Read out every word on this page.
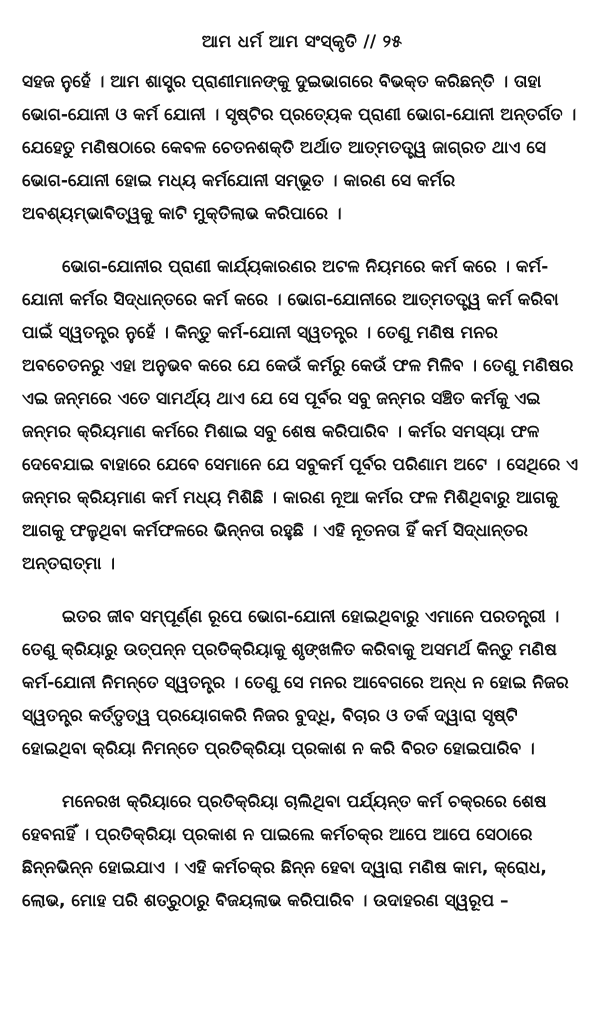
ଆମ ଧର୍ମ ଆମ ସଂସ୍କୃତି // ୨୫

ସହଜ ନୁହେଁ । ଆମ ଶାସ୍ତ୍ର ପ୍ରାଣୀମାନଙ୍କୁ ଦୁଇଭାଗରେ ବିଭକ୍ତ କରିଛନ୍ତି । ତାହା ଭୋଗ-ଯୋନୀ ଓ କର୍ମ ଯୋନୀ । ସୃଷ୍ଟିର ପ୍ରତ୍ୟେକ ପ୍ରାଣୀ ଭୋଗ-ଯୋନୀ ଅନ୍ତର୍ଗତ । ଯେହେତୁ ମଣିଷଠାରେ କେବଳ ଚେତନଶକ୍ତି ଅର୍ଥାତ ଆତ୍ମତତ୍ତ୍ୱ ଜାଗ୍ରତ ଥାଏ ସେ ଭୋଗ-ଯୋନୀ ହୋଇ ମଧ୍ୟ କର୍ମଯୋନୀ ସମ୍ଭୂତ । କାରଣ ସେ କର୍ମର ଅବଶ୍ୟମ୍ଭାବିତ୍ୱକୁ କାଟି ମୁକ୍ତିଲାଭ କରିପାରେ ।

ଭୋଗ-ଯୋନୀର ପ୍ରାଣୀ କାର୍ଯ୍ୟକାରଣର ଅଟଳ ନିୟମରେ କର୍ମ କରେ । କର୍ମ-ଯୋନୀ କର୍ମର ସିଦ୍ଧାନ୍ତରେ କର୍ମ କରେ । ଭୋଗ-ଯୋନୀରେ ଆତ୍ମତତ୍ତ୍ୱ କର୍ମ କରିବା ପାଇଁ ସ୍ୱତନ୍ତ୍ର ନୁହେଁ । କିନ୍ତୁ କର୍ମ-ଯୋନୀ ସ୍ୱତନ୍ତ୍ର । ତେଣୁ ମଣିଷ ମନର ଅବଚେତନରୁ ଏହା ଅନୁଭବ କରେ ଯେ କେଉଁ କର୍ମରୁ କେଉଁ ଫଳ ମିଳିବ । ତେଣୁ ମଣିଷର ଏଇ ଜନ୍ମରେ ଏତେ ସାମର୍ଥ୍ୟ ଥାଏ ଯେ ସେ ପୂର୍ବର ସବୁ ଜନ୍ମର ସଞ୍ଚିତ କର୍ମକୁ ଏଇ ଜନ୍ମର କ୍ରିୟମାଣ କର୍ମରେ ମିଶାଇ ସବୁ ଶେଷ କରିପାରିବ । କର୍ମର ସମସ୍ୟା ଫଳ ଦେବେଯାଇ ବାହାରେ ଯେବେ ସେମାନେ ଯେ ସବୁକର୍ମ ପୂର୍ବର ପରିଣାମ ଅଟେ । ସେଥିରେ ଏ ଜନ୍ମର କ୍ରିୟମାଣ କର୍ମ ମଧ୍ୟ ମିଶିଛି । କାରଣ ନୂଆ କର୍ମର ଫଳ ମିଶିଥିବାରୁ ଆଗକୁ ଆଗକୁ ଫଳୁଥିବା କର୍ମଫଳରେ ଭିନ୍ନତା ରହୁଛି । ଏହି ନୂତନତା ହିଁ କର୍ମ ସିଦ୍ଧାନ୍ତର ଅନ୍ତରାତ୍ମା ।

ଇତର ଜୀବ ସମ୍ପୂର୍ଣ୍ଣ ରୂପେ ଭୋଗ-ଯୋନୀ ହୋଇଥିବାରୁ ଏମାନେ ପରତନ୍ତ୍ରୀ । ତେଣୁ କ୍ରିୟାରୁ ଉତ୍ପନ୍ନ ପ୍ରତିକ୍ରିୟାକୁ ଶୃଙ୍ଖଳିତ କରିବାକୁ ଅସମର୍ଥ କିନ୍ତୁ ମଣିଷ କର୍ମ-ଯୋନୀ ନିମନ୍ତେ ସ୍ୱତନ୍ତ୍ର । ତେଣୁ ସେ ମନର ଆବେଗରେ ଅନ୍ଧ ନ ହୋଇ ନିଜର ସ୍ୱତନ୍ତ୍ର କର୍ତ୍ତୃତ୍ୱ ପ୍ରୟୋଗକରି ନିଜର ବୁଦ୍ଧି, ବିଚାର ଓ ତର୍କ ଦ୍ୱାରା ସୃଷ୍ଟି ହୋଇଥିବା କ୍ରିୟା ନିମନ୍ତେ ପ୍ରତିକ୍ରିୟା ପ୍ରକାଶ ନ କରି ବିରତ ହୋଇପାରିବ ।

ମନେରଖ କ୍ରିୟାରେ ପ୍ରତିକ୍ରିୟା ଚାଲିଥିବା ପର୍ଯ୍ୟନ୍ତ କର୍ମ ଚକ୍ରରେ ଶେଷ ହେବନାହିଁ । ପ୍ରତିକ୍ରିୟା ପ୍ରକାଶ ନ ପାଇଲେ କର୍ମଚକ୍ର ଆପେ ଆପେ ସେଠାରେ ଛିନ୍ନଭିନ୍ନ ହୋଇଯାଏ । ଏହି କର୍ମଚକ୍ର ଛିନ୍ନ ହେବା ଦ୍ୱାରା ମଣିଷ କାମ, କ୍ରୋଧ, ଲୋଭ, ମୋହ ପରି ଶତ୍ରୁଠାରୁ ବିଜୟଲାଭ କରିପାରିବ । ଉଦାହରଣ ସ୍ୱରୂପ –
